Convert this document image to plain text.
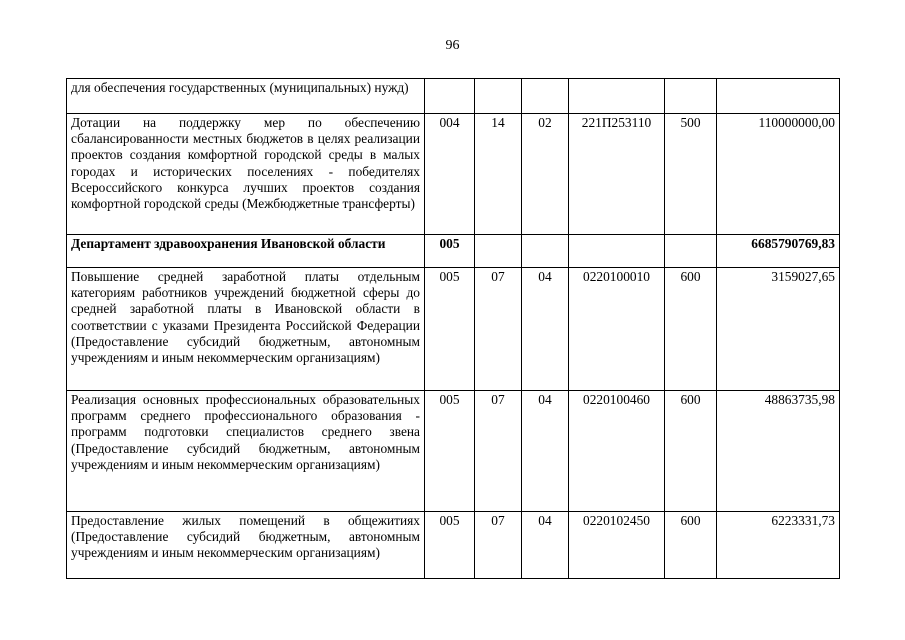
96
для обеспечения государственных (муниципальных) нужд)						
Дотации на поддержку мер по обеспечению сбалансированности местных бюджетов в целях реализации проектов создания комфортной городской среды в малых городах и исторических поселениях - победителях Всероссийского конкурса лучших проектов создания комфортной городской среды (Межбюджетные трансферты)	004	14	02	221П253110	500	110000000,00
Департамент здравоохранения Ивановской области	005					6685790769,83
Повышение средней заработной платы отдельным категориям работников учреждений бюджетной сферы до средней заработной платы в Ивановской области в соответствии с указами Президента Российской Федерации (Предоставление субсидий бюджетным, автономным учреждениям и иным некоммерческим организациям)	005	07	04	0220100010	600	3159027,65
Реализация основных профессиональных образовательных программ среднего профессионального образования - программ подготовки специалистов среднего звена (Предоставление субсидий бюджетным, автономным учреждениям и иным некоммерческим организациям)	005	07	04	0220100460	600	48863735,98
Предоставление жилых помещений в общежитиях (Предоставление субсидий бюджетным, автономным учреждениям и иным некоммерческим организациям)	005	07	04	0220102450	600	6223331,73
